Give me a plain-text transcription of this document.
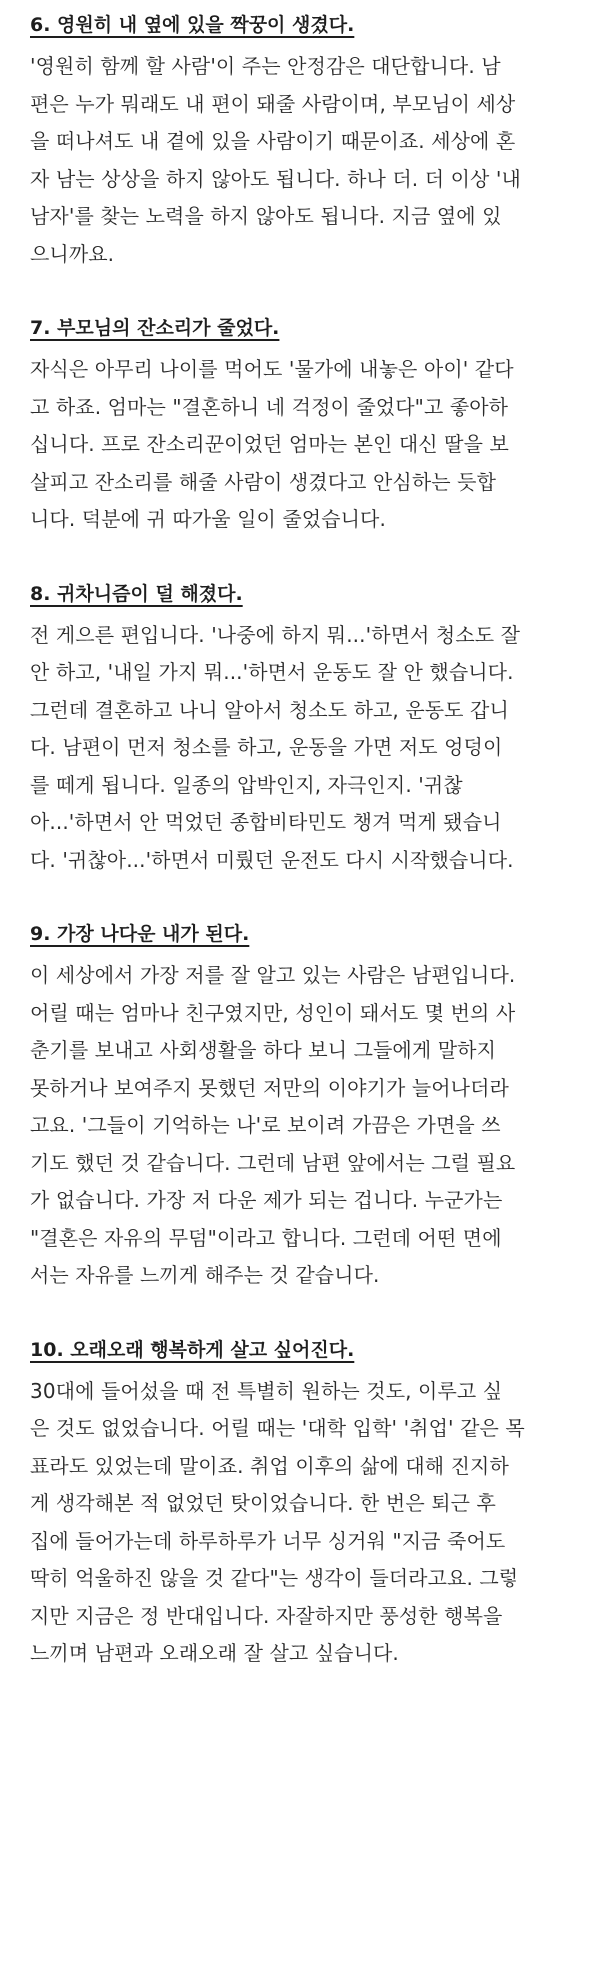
6. 영원히 내 옆에 있을 짝꿍이 생겼다.
'영원히 함께 할 사람'이 주는 안정감은 대단합니다. 남
편은 누가 뭐래도 내 편이 돼줄 사람이며, 부모님이 세상
을 떠나셔도 내 곁에 있을 사람이기 때문이죠. 세상에 혼
자 남는 상상을 하지 않아도 됩니다. 하나 더. 더 이상 '내
남자'를 찾는 노력을 하지 않아도 됩니다. 지금 옆에 있
으니까요.
7. 부모님의 잔소리가 줄었다.
자식은 아무리 나이를 먹어도 '물가에 내놓은 아이' 같다
고 하죠. 엄마는 "결혼하니 네 걱정이 줄었다"고 좋아하
십니다. 프로 잔소리꾼이었던 엄마는 본인 대신 딸을 보
살피고 잔소리를 해줄 사람이 생겼다고 안심하는 듯합
니다. 덕분에 귀 따가울 일이 줄었습니다.
8. 귀차니즘이 덜 해졌다.
전 게으른 편입니다. '나중에 하지 뭐...'하면서 청소도 잘
안 하고, '내일 가지 뭐...'하면서 운동도 잘 안 했습니다.
그런데 결혼하고 나니 알아서 청소도 하고, 운동도 갑니
다. 남편이 먼저 청소를 하고, 운동을 가면 저도 엉덩이
를 떼게 됩니다. 일종의 압박인지, 자극인지. '귀찮
아...'하면서 안 먹었던 종합비타민도 챙겨 먹게 됐습니
다. '귀찮아...'하면서 미뤘던 운전도 다시 시작했습니다.
9. 가장 나다운 내가 된다.
이 세상에서 가장 저를 잘 알고 있는 사람은 남편입니다.
어릴 때는 엄마나 친구였지만, 성인이 돼서도 몇 번의 사
춘기를 보내고 사회생활을 하다 보니 그들에게 말하지
못하거나 보여주지 못했던 저만의 이야기가 늘어나더라
고요. '그들이 기억하는 나'로 보이려 가끔은 가면을 쓰
기도 했던 것 같습니다. 그런데 남편 앞에서는 그럴 필요
가 없습니다. 가장 저 다운 제가 되는 겁니다. 누군가는
"결혼은 자유의 무덤"이라고 합니다. 그런데 어떤 면에
서는 자유를 느끼게 해주는 것 같습니다.
10. 오래오래 행복하게 살고 싶어진다.
30대에 들어섰을 때 전 특별히 원하는 것도, 이루고 싶
은 것도 없었습니다. 어릴 때는 '대학 입학' '취업' 같은 목
표라도 있었는데 말이죠. 취업 이후의 삶에 대해 진지하
게 생각해본 적 없었던 탓이었습니다. 한 번은 퇴근 후
집에 들어가는데 하루하루가 너무 싱거워 "지금 죽어도
딱히 억울하진 않을 것 같다"는 생각이 들더라고요. 그렇
지만 지금은 정 반대입니다. 자잘하지만 풍성한 행복을
느끼며 남편과 오래오래 잘 살고 싶습니다.
